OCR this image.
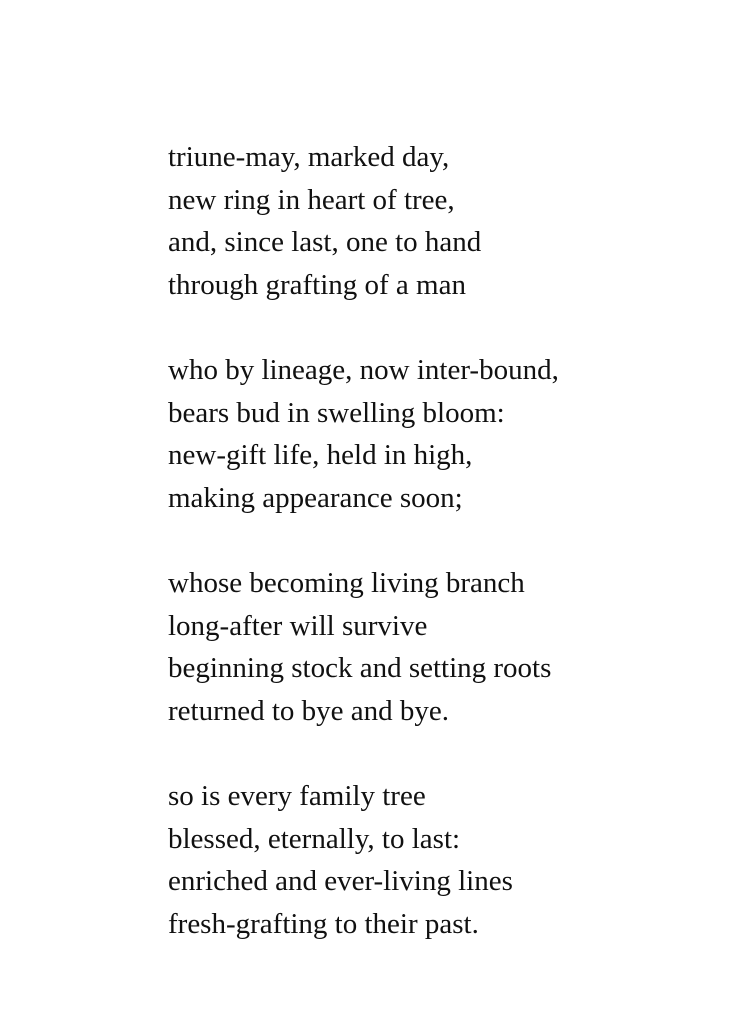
triune-may, marked day,
new ring in heart of tree,
and, since last, one to hand
through grafting of a man
who by lineage, now inter-bound,
bears bud in swelling bloom:
new-gift life, held in high,
making appearance soon;
whose becoming living branch
long-after will survive
beginning stock and setting roots
returned to bye and bye.
so is every family tree
blessed, eternally, to last:
enriched and ever-living lines
fresh-grafting to their past.
